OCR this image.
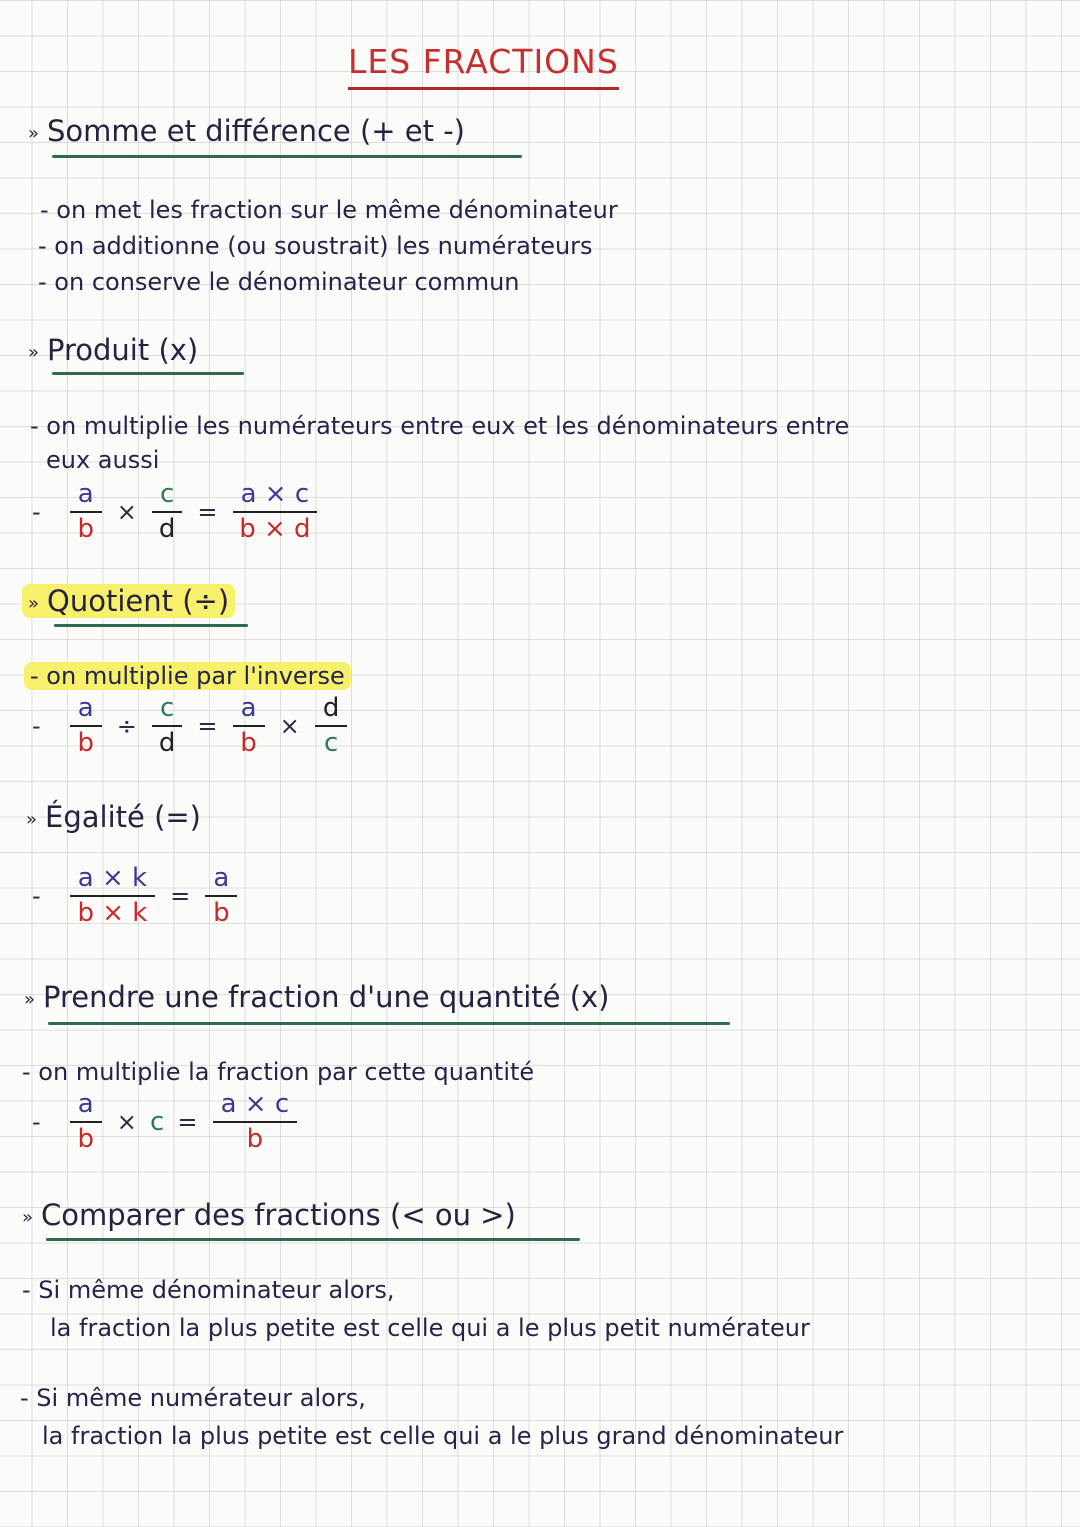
LES FRACTIONS
» Somme et différence (+ et -)
- on met les fraction sur le même dénominateur
- on additionne (ou soustrait) les numérateurs
- on conserve le dénominateur commun
» Produit (x)
- on multiplie les numérateurs entre eux et les dénominateurs entre
eux aussi
- $\frac{a}{b} \times \frac{c}{d} = \frac{a \times c}{b \times d}$
» Quotient (÷)
- on multiplie par l'inverse
- $\frac{a}{b} \div \frac{c}{d} = \frac{a}{b} \times \frac{d}{c}$
» Égalité (=)
- $\frac{a \times k}{b \times k} = \frac{a}{b}$
» Prendre une fraction d'une quantité (x)
- on multiplie la fraction par cette quantité
- $\frac{a}{b} \times c = \frac{a \times c}{b}$
» Comparer des fractions (< ou >)
- Si même dénominateur alors,
la fraction la plus petite est celle qui a le plus petit numérateur
- Si même numérateur alors,
la fraction la plus petite est celle qui a le plus grand dénominateur
